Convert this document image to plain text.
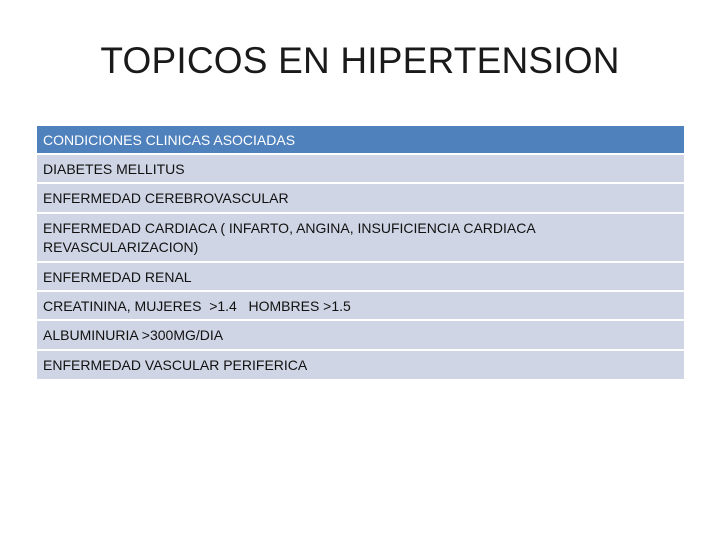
TOPICOS EN HIPERTENSION
CONDICIONES CLINICAS ASOCIADAS
DIABETES MELLITUS
ENFERMEDAD CEREBROVASCULAR
ENFERMEDAD CARDIACA ( INFARTO, ANGINA, INSUFICIENCIA CARDIACA REVASCULARIZACION)
ENFERMEDAD RENAL
CREATININA, MUJERES  >1.4   HOMBRES >1.5
ALBUMINURIA >300MG/DIA
ENFERMEDAD VASCULAR PERIFERICA
